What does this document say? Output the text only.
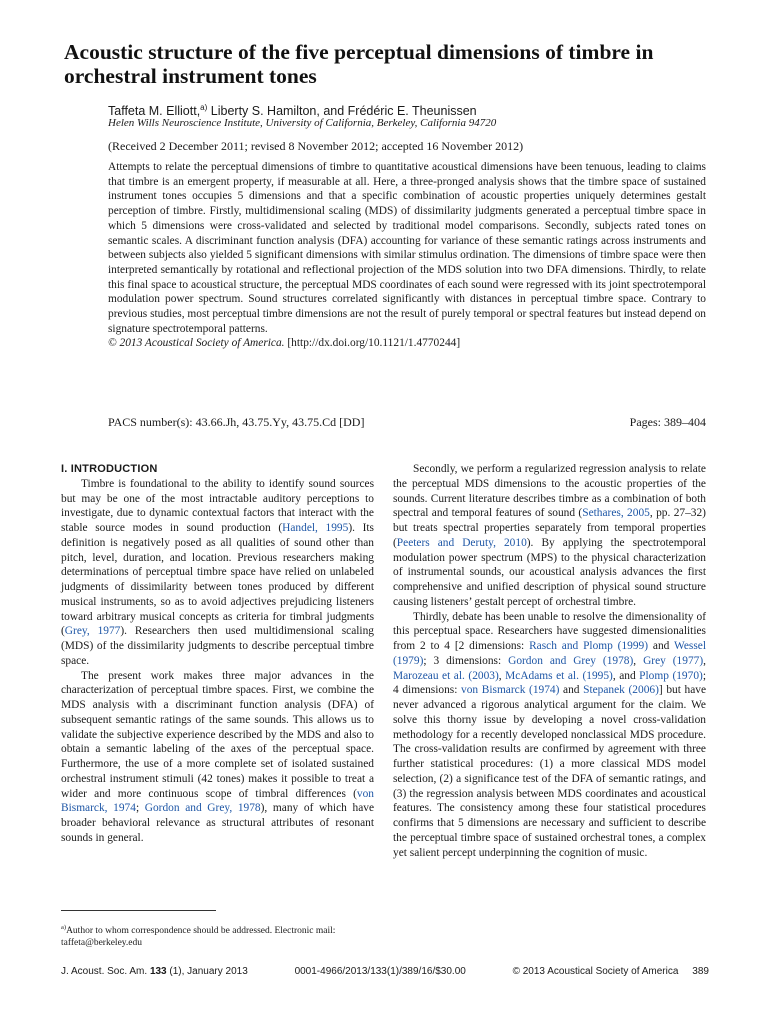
Acoustic structure of the five perceptual dimensions of timbre in orchestral instrument tones

Taffeta M. Elliott,$^{a)}$ Liberty S. Hamilton, and Frédéric E. Theunissen

Helen Wills Neuroscience Institute, University of California, Berkeley, California 94720

(Received 2 December 2011; revised 8 November 2012; accepted 16 November 2012)

Attempts to relate the perceptual dimensions of timbre to quantitative acoustical dimensions have been tenuous, leading to claims that timbre is an emergent property, if measurable at all. Here, a three-pronged analysis shows that the timbre space of sustained instrument tones occupies 5 dimensions and that a specific combination of acoustic properties uniquely determines gestalt perception of timbre. Firstly, multidimensional scaling (MDS) of dissimilarity judgments generated a perceptual timbre space in which 5 dimensions were cross-validated and selected by traditional model comparisons. Secondly, subjects rated tones on semantic scales. A discriminant function analysis (DFA) accounting for variance of these semantic ratings across instruments and between subjects also yielded 5 significant dimensions with similar stimulus ordination. The dimensions of timbre space were then interpreted semantically by rotational and reflectional projection of the MDS solution into two DFA dimensions. Thirdly, to relate this final space to acoustical structure, the perceptual MDS coordinates of each sound were regressed with its joint spectrotemporal modulation power spectrum. Sound structures correlated significantly with distances in perceptual timbre space. Contrary to previous studies, most perceptual timbre dimensions are not the result of purely temporal or spectral features but instead depend on signature spectrotemporal patterns.

© 2013 Acoustical Society of America. [http://dx.doi.org/10.1121/1.4770244]

PACS number(s): 43.66.Jh, 43.75.Yy, 43.75.Cd [DD]	Pages: 389–404

I. INTRODUCTION

Timbre is foundational to the ability to identify sound sources but may be one of the most intractable auditory perceptions to investigate, due to dynamic contextual factors that interact with the stable source modes in sound production (Handel, 1995). Its definition is negatively posed as all qualities of sound other than pitch, level, duration, and location. Previous researchers making determinations of perceptual timbre space have relied on unlabeled judgments of dissimilarity between tones produced by different musical instruments, so as to avoid adjectives prejudicing listeners toward arbitrary musical concepts as criteria for timbral judgments (Grey, 1977). Researchers then used multidimensional scaling (MDS) of the dissimilarity judgments to describe perceptual timbre space.

The present work makes three major advances in the characterization of perceptual timbre spaces. First, we combine the MDS analysis with a discriminant function analysis (DFA) of subsequent semantic ratings of the same sounds. This allows us to validate the subjective experience described by the MDS and also to obtain a semantic labeling of the axes of the perceptual space. Furthermore, the use of a more complete set of isolated sustained orchestral instrument stimuli (42 tones) makes it possible to treat a wider and more continuous scope of timbral differences (von Bismarck, 1974; Gordon and Grey, 1978), many of which have broader behavioral relevance as structural attributes of resonant sounds in general.

Secondly, we perform a regularized regression analysis to relate the perceptual MDS dimensions to the acoustic properties of the sounds. Current literature describes timbre as a combination of both spectral and temporal features of sound (Sethares, 2005, pp. 27–32) but treats spectral properties separately from temporal properties (Peeters and Deruty, 2010). By applying the spectrotemporal modulation power spectrum (MPS) to the physical characterization of instrumental sounds, our acoustical analysis advances the first comprehensive and unified description of physical sound structure causing listeners’ gestalt percept of orchestral timbre.

Thirdly, debate has been unable to resolve the dimensionality of this perceptual space. Researchers have suggested dimensionalities from 2 to 4 [2 dimensions: Rasch and Plomp (1999) and Wessel (1979); 3 dimensions: Gordon and Grey (1978), Grey (1977), Marozeau et al. (2003), McAdams et al. (1995), and Plomp (1970); 4 dimensions: von Bismarck (1974) and Stepanek (2006)] but have never advanced a rigorous analytical argument for the claim. We solve this thorny issue by developing a novel cross-validation methodology for a recently developed nonclassical MDS procedure. The cross-validation results are confirmed by agreement with three further statistical procedures: (1) a more classical MDS model selection, (2) a significance test of the DFA of semantic ratings, and (3) the regression analysis between MDS coordinates and acoustical features. The consistency among these four statistical procedures confirms that 5 dimensions are necessary and sufficient to describe the perceptual timbre space of sustained orchestral tones, a complex yet salient percept underpinning the cognition of music.

$^{a)}$Author to whom correspondence should be addressed. Electronic mail: taffeta@berkeley.edu
J. Acoust. Soc. Am. 133 (1), January 2013	0001-4966/2013/133(1)/389/16/$30.00	© 2013 Acoustical Society of America 389
